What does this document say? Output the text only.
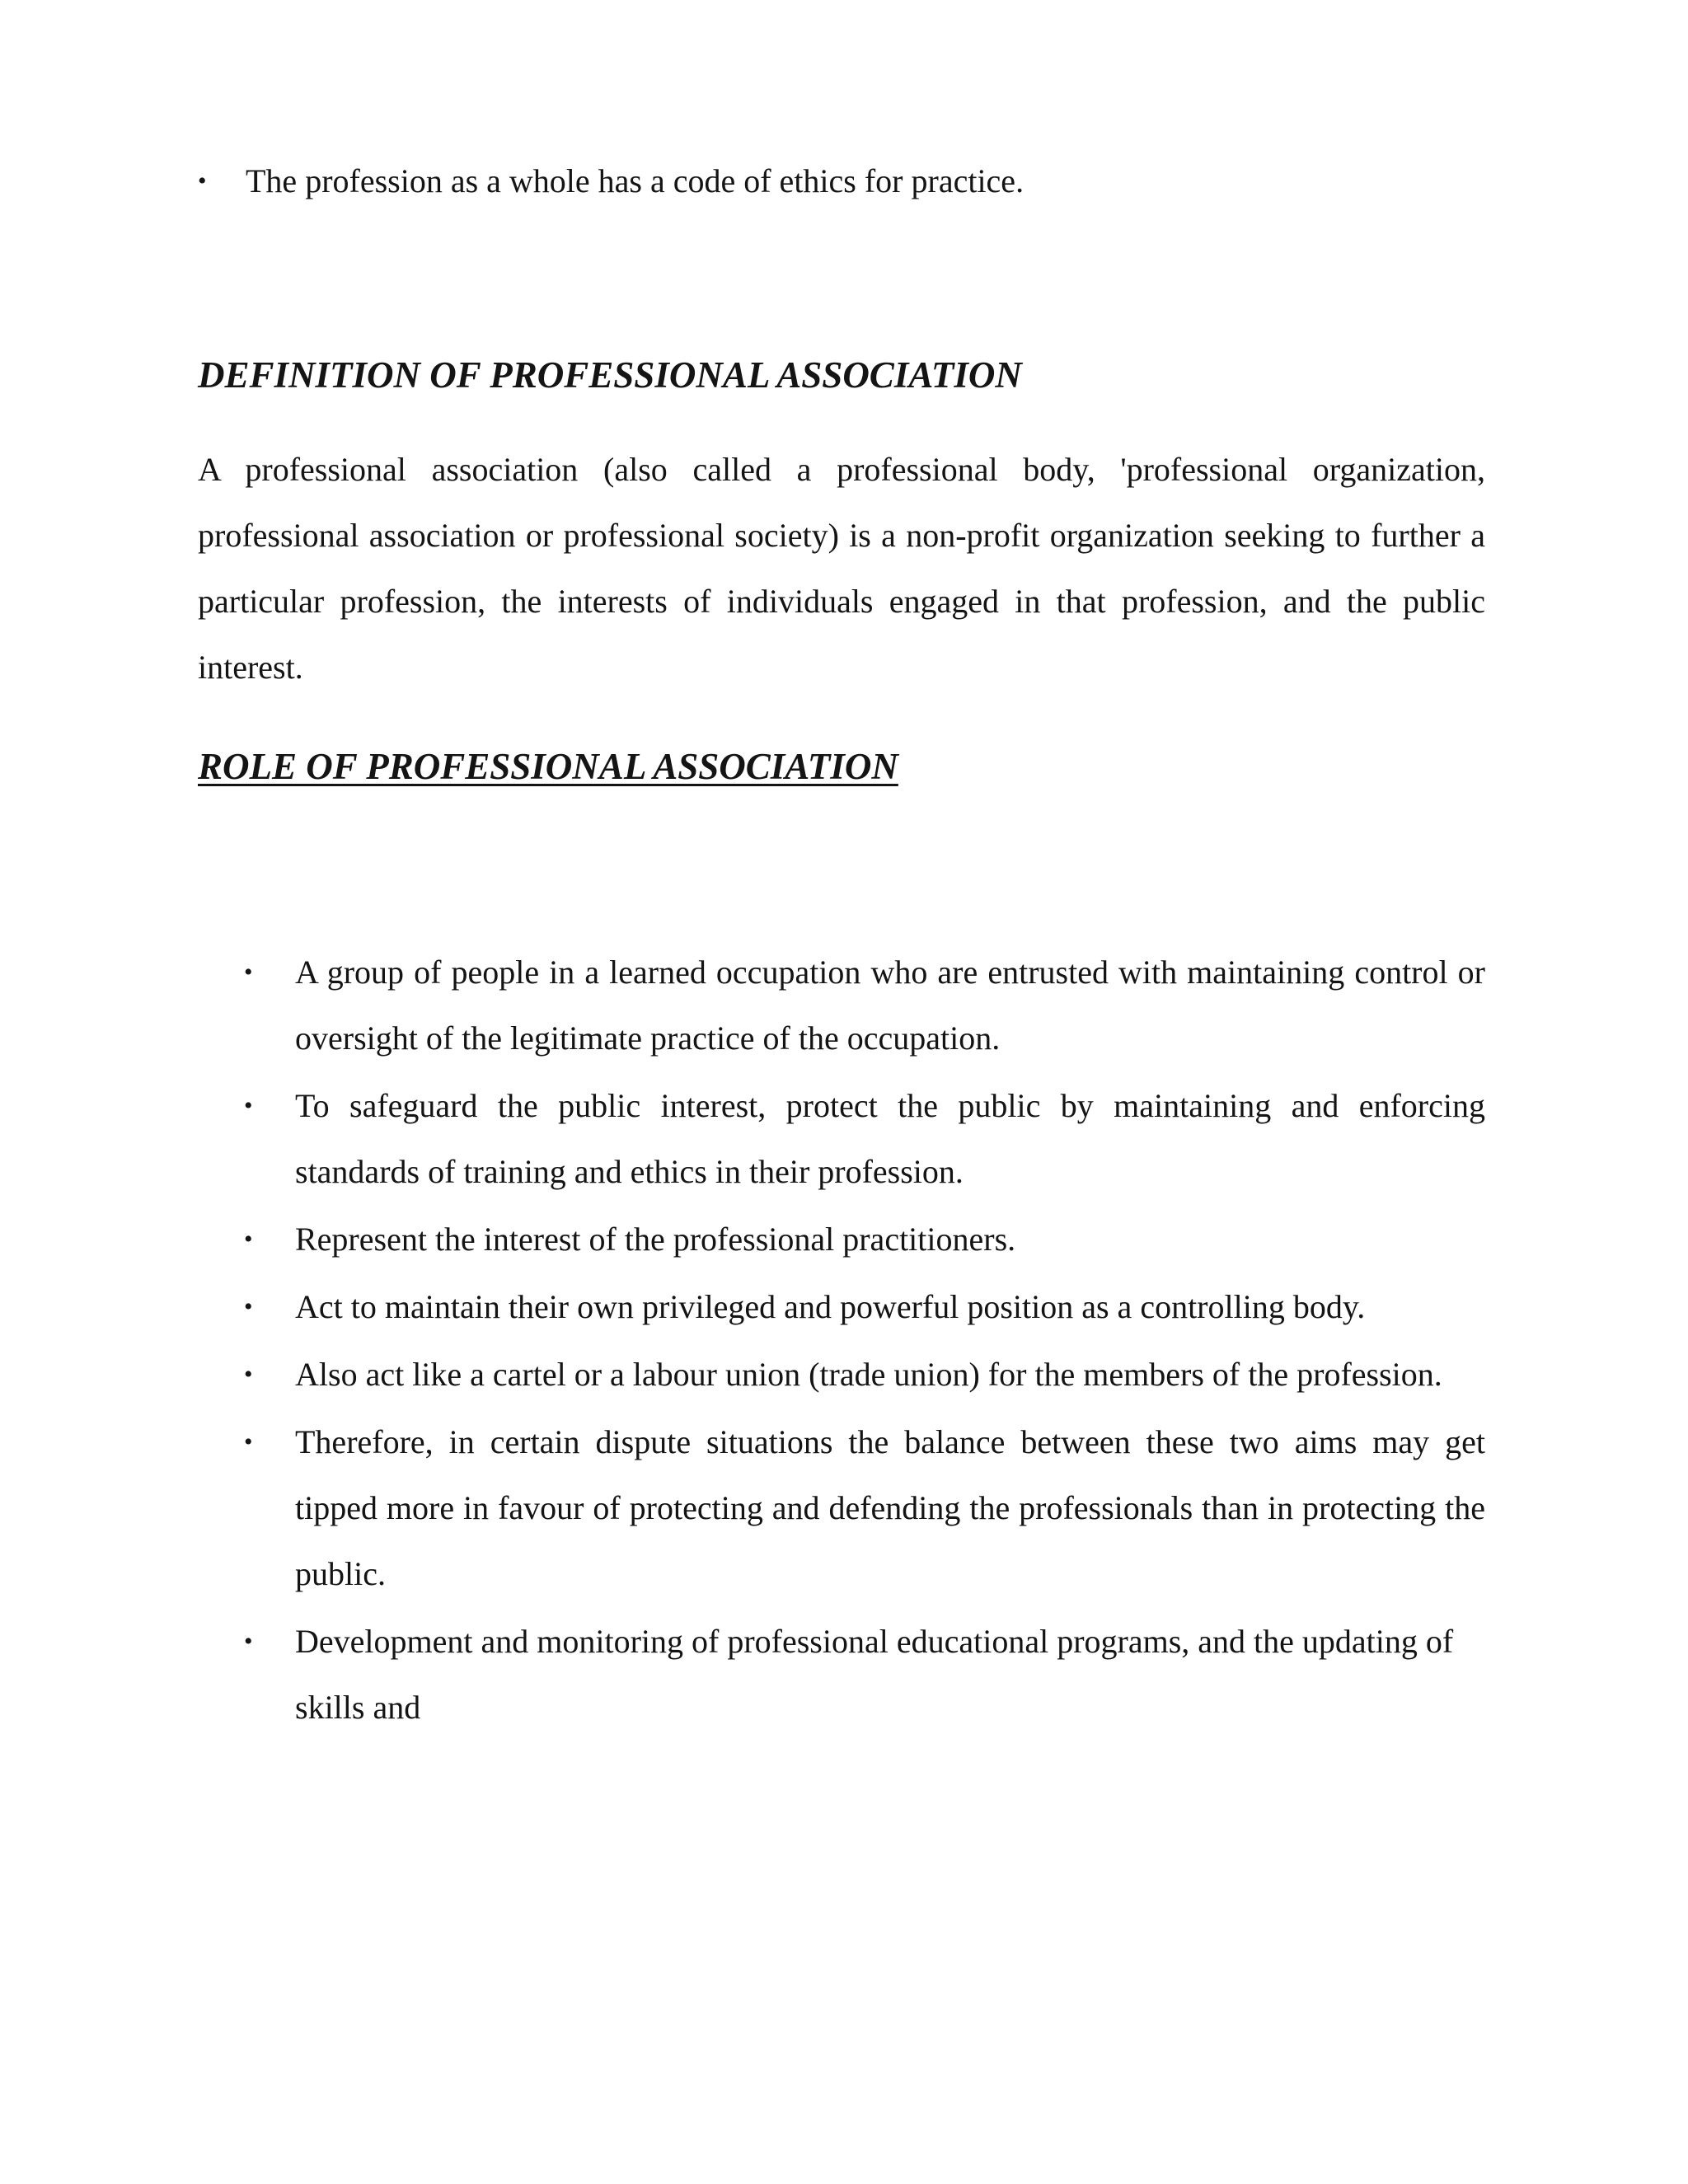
•	The profession as a whole has a code of ethics for practice.
DEFINITION OF PROFESSIONAL ASSOCIATION

A professional association (also called a professional body, 'professional organization, professional association or professional society) is a non-profit organization seeking to further a particular profession, the interests of individuals engaged in that profession, and the public interest.

ROLE OF PROFESSIONAL ASSOCIATION
• A group of people in a learned occupation who are entrusted with maintaining control or oversight of the legitimate practice of the occupation.
• To safeguard the public interest, protect the public by maintaining and enforcing standards of training and ethics in their profession.
• Represent the interest of the professional practitioners.
• Act to maintain their own privileged and powerful position as a controlling body.
• Also act like a cartel or a labour union (trade union) for the members of the profession.
• Therefore, in certain dispute situations the balance between these two aims may get tipped more in favour of protecting and defending the professionals than in protecting the public.
• Development and monitoring of professional educational programs, and the updating of skills and
